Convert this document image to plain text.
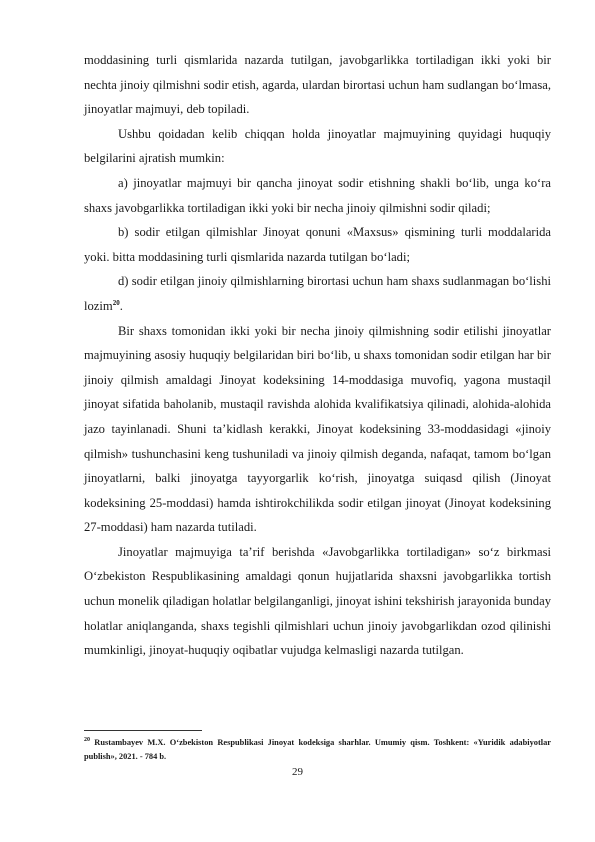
moddasining turli qismlarida nazarda tutilgan, javobgarlikka tortiladigan ikki yoki bir nechta jinoiy qilmishni sodir etish, agarda, ulardan birortasi uchun ham sudlangan bo‘lmasa, jinoyatlar majmuyi, deb topiladi.

Ushbu qoidadan kelib chiqqan holda jinoyatlar majmuyining quyidagi huquqiy belgilarini ajratish mumkin:

a) jinoyatlar majmuyi bir qancha jinoyat sodir etishning shakli bo‘lib, unga ko‘ra shaxs javobgarlikka tortiladigan ikki yoki bir necha jinoiy qilmishni sodir qiladi;

b) sodir etilgan qilmishlar Jinoyat qonuni «Maxsus» qismining turli moddalarida yoki. bitta moddasining turli qismlarida nazarda tutilgan bo‘ladi;

d) sodir etilgan jinoiy qilmishlarning birortasi uchun ham shaxs sudlanmagan bo‘lishi lozim$^{20}$.

Bir shaxs tomonidan ikki yoki bir necha jinoiy qilmishning sodir etilishi jinoyatlar majmuyining asosiy huquqiy belgilaridan biri bo‘lib, u shaxs tomonidan sodir etilgan har bir jinoiy qilmish amaldagi Jinoyat kodeksining 14-moddasiga muvofiq, yagona mustaqil jinoyat sifatida baholanib, mustaqil ravishda alohida kvalifikatsiya qilinadi, alohida-alohida jazo tayinlanadi. Shuni ta’kidlash kerakki, Jinoyat kodeksining 33-moddasidagi «jinoiy qilmish» tushunchasini keng tushuniladi va jinoiy qilmish deganda, nafaqat, tamom bo‘lgan jinoyatlarni, balki jinoyatga tayyorgarlik ko‘rish, jinoyatga suiqasd qilish (Jinoyat kodeksining 25-moddasi) hamda ishtirokchilikda sodir etilgan jinoyat (Jinoyat kodeksining 27-moddasi) ham nazarda tutiladi.

Jinoyatlar majmuyiga ta’rif berishda «Javobgarlikka tortiladigan» so‘z birkmasi O‘zbekiston Respublikasining amaldagi qonun hujjatlarida shaxsni javobgarlikka tortish uchun monelik qiladigan holatlar belgilanganligi, jinoyat ishini tekshirish jarayonida bunday holatlar aniqlanganda, shaxs tegishli qilmishlari uchun jinoiy javobgarlikdan ozod qilinishi mumkinligi, jinoyat-huquqiy oqibatlar vujudga kelmasligi nazarda tutilgan.

$^{20}$ Rustambayev M.X. O‘zbekiston Respublikasi Jinoyat kodeksiga sharhlar. Umumiy qism. Toshkent: «Yuridik adabiyotlar publish», 2021. - 784 b.
29
